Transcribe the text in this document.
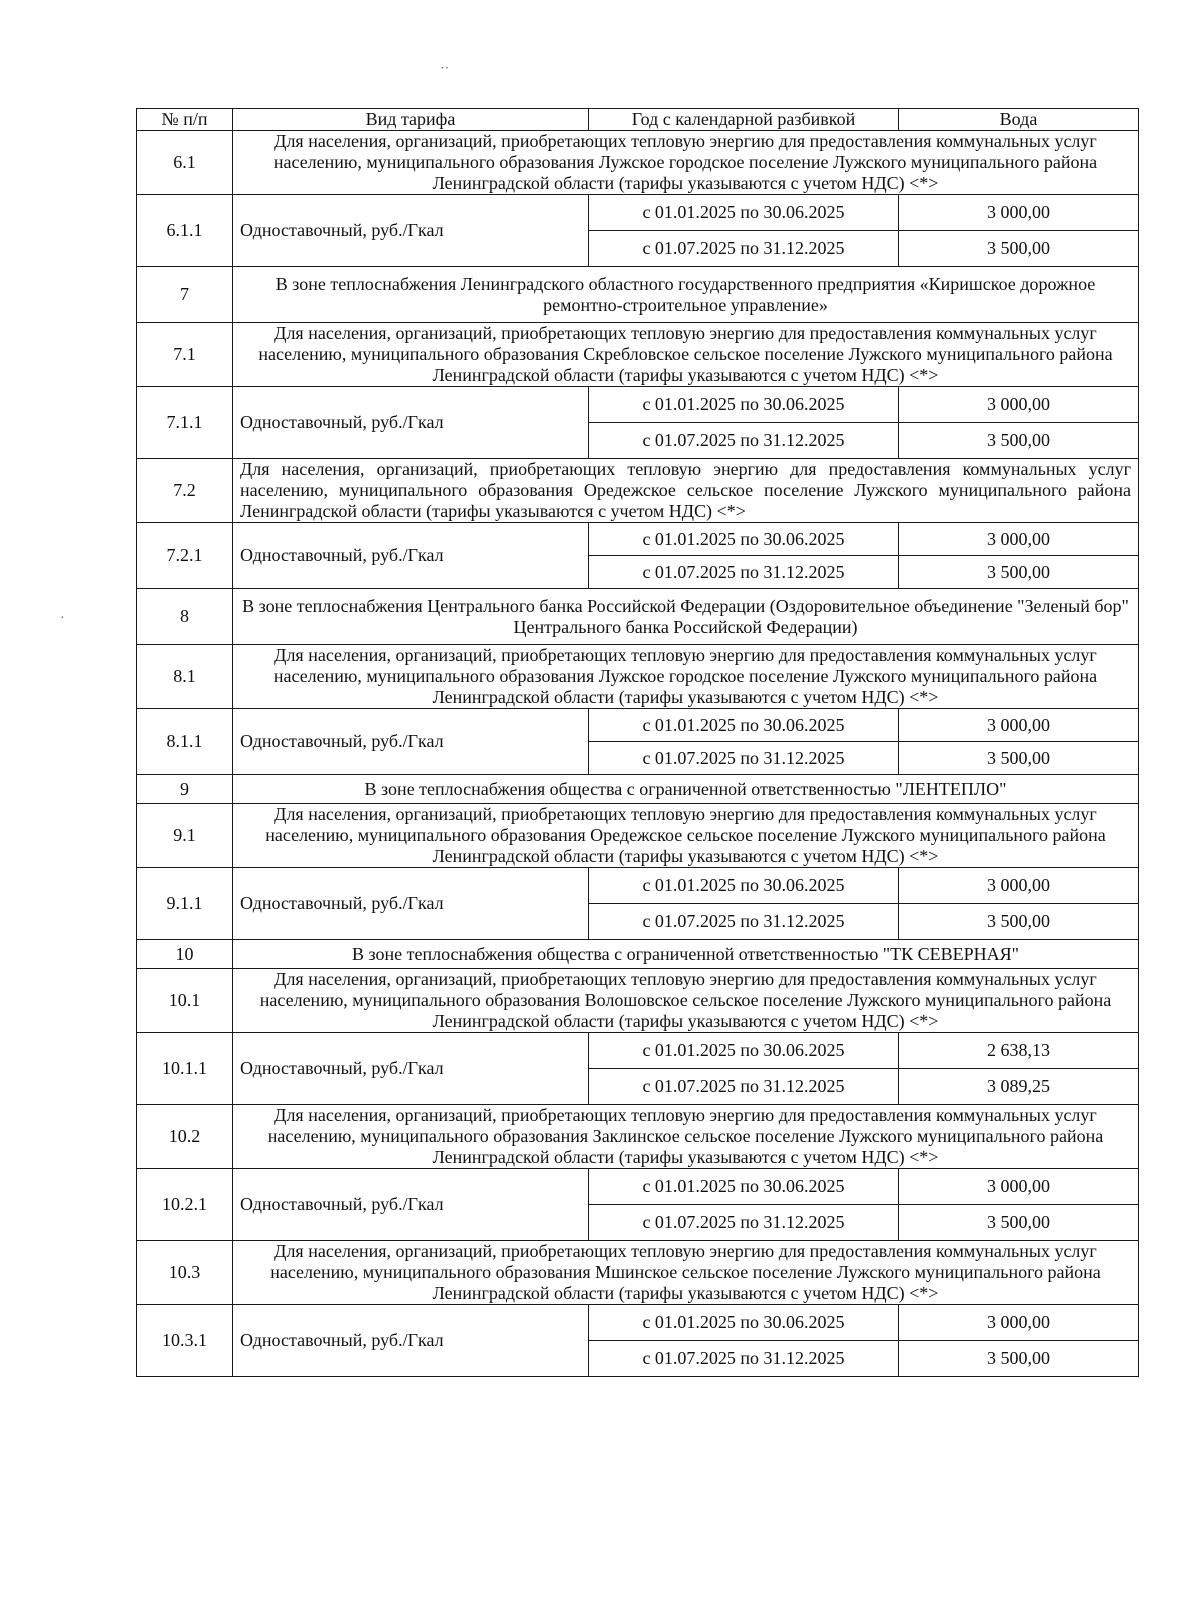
˙˙
·
№ п/п	Вид тарифа	Год с календарной разбивкой	Вода
6.1	Для населения, организаций, приобретающих тепловую энергию для предоставления коммунальных услуг населению, муниципального образования Лужское городское поселение Лужского муниципального района Ленинградской области (тарифы указываются с учетом НДС) <*>		
6.1.1	Одноставочный, руб./Гкал	с 01.01.2025 по 30.06.2025	3 000,00
		с 01.07.2025 по 31.12.2025	3 500,00
7	В зоне теплоснабжения Ленинградского областного государственного предприятия «Киришское дорожное ремонтно-строительное управление»		
7.1	Для населения, организаций, приобретающих тепловую энергию для предоставления коммунальных услуг населению, муниципального образования Скребловское сельское поселение Лужского муниципального района Ленинградской области (тарифы указываются с учетом НДС) <*>		
7.1.1	Одноставочный, руб./Гкал	с 01.01.2025 по 30.06.2025	3 000,00
		с 01.07.2025 по 31.12.2025	3 500,00
7.2	Для населения, организаций, приобретающих тепловую энергию для предоставления коммунальных услуг населению, муниципального образования Оредежское сельское поселение Лужского муниципального района Ленинградской области (тарифы указываются с учетом НДС) <*>		
7.2.1	Одноставочный, руб./Гкал	с 01.01.2025 по 30.06.2025	3 000,00
		с 01.07.2025 по 31.12.2025	3 500,00
8	В зоне теплоснабжения Центрального банка Российской Федерации (Оздоровительное объединение "Зеленый бор" Центрального банка Российской Федерации)		
8.1	Для населения, организаций, приобретающих тепловую энергию для предоставления коммунальных услуг населению, муниципального образования Лужское городское поселение Лужского муниципального района Ленинградской области (тарифы указываются с учетом НДС) <*>		
8.1.1	Одноставочный, руб./Гкал	с 01.01.2025 по 30.06.2025	3 000,00
		с 01.07.2025 по 31.12.2025	3 500,00
9	В зоне теплоснабжения общества с ограниченной ответственностью "ЛЕНТЕПЛО"		
9.1	Для населения, организаций, приобретающих тепловую энергию для предоставления коммунальных услуг населению, муниципального образования Оредежское сельское поселение Лужского муниципального района Ленинградской области (тарифы указываются с учетом НДС) <*>		
9.1.1	Одноставочный, руб./Гкал	с 01.01.2025 по 30.06.2025	3 000,00
		с 01.07.2025 по 31.12.2025	3 500,00
10	В зоне теплоснабжения общества с ограниченной ответственностью "ТК СЕВЕРНАЯ"		
10.1	Для населения, организаций, приобретающих тепловую энергию для предоставления коммунальных услуг населению, муниципального образования Волошовское сельское поселение Лужского муниципального района Ленинградской области (тарифы указываются с учетом НДС) <*>		
10.1.1	Одноставочный, руб./Гкал	с 01.01.2025 по 30.06.2025	2 638,13
		с 01.07.2025 по 31.12.2025	3 089,25
10.2	Для населения, организаций, приобретающих тепловую энергию для предоставления коммунальных услуг населению, муниципального образования Заклинское сельское поселение Лужского муниципального района Ленинградской области (тарифы указываются с учетом НДС) <*>		
10.2.1	Одноставочный, руб./Гкал	с 01.01.2025 по 30.06.2025	3 000,00
		с 01.07.2025 по 31.12.2025	3 500,00
10.3	Для населения, организаций, приобретающих тепловую энергию для предоставления коммунальных услуг населению, муниципального образования Мшинское сельское поселение Лужского муниципального района Ленинградской области (тарифы указываются с учетом НДС) <*>		
10.3.1	Одноставочный, руб./Гкал	с 01.01.2025 по 30.06.2025	3 000,00
		с 01.07.2025 по 31.12.2025	3 500,00
